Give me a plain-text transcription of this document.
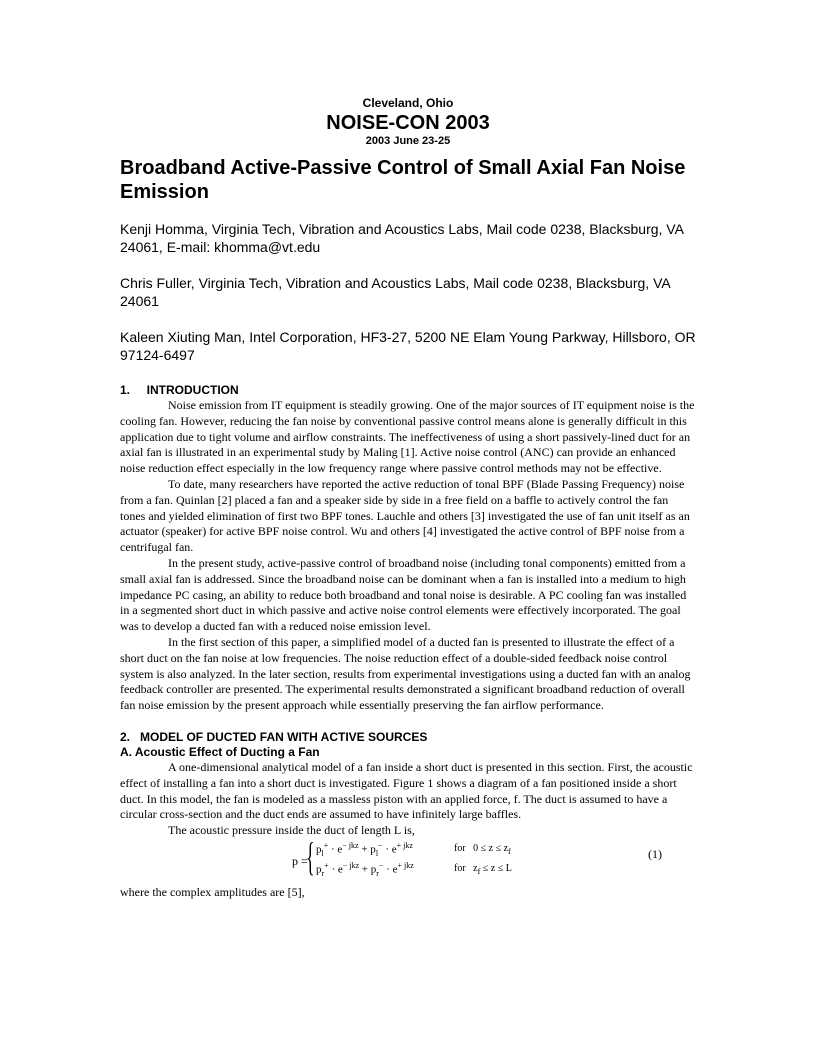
Cleveland, Ohio
NOISE-CON 2003
2003 June 23-25
Broadband Active-Passive Control of Small Axial Fan Noise Emission
Kenji Homma, Virginia Tech, Vibration and Acoustics Labs, Mail code 0238, Blacksburg, VA 24061, E-mail: khomma@vt.edu
Chris Fuller, Virginia Tech, Vibration and Acoustics Labs, Mail code 0238, Blacksburg, VA 24061
Kaleen Xiuting Man, Intel Corporation, HF3-27, 5200 NE Elam Young Parkway, Hillsboro, OR 97124-6497
1.     INTRODUCTION

Noise emission from IT equipment is steadily growing. One of the major sources of IT equipment noise is the cooling fan. However, reducing the fan noise by conventional passive control means alone is generally difficult in this application due to tight volume and airflow constraints. The ineffectiveness of using a short passively-lined duct for an axial fan is illustrated in an experimental study by Maling [1]. Active noise control (ANC) can provide an enhanced noise reduction effect especially in the low frequency range where passive control methods may not be effective.

To date, many researchers have reported the active reduction of tonal BPF (Blade Passing Frequency) noise from a fan. Quinlan [2] placed a fan and a speaker side by side in a free field on a baffle to actively control the fan tones and yielded elimination of first two BPF tones. Lauchle and others [3] investigated the use of fan unit itself as an actuator (speaker) for active BPF noise control. Wu and others [4] investigated the active control of BPF noise from a centrifugal fan.

In the present study, active-passive control of broadband noise (including tonal components) emitted from a small axial fan is addressed. Since the broadband noise can be dominant when a fan is installed into a medium to high impedance PC casing, an ability to reduce both broadband and tonal noise is desirable. A PC cooling fan was installed in a segmented short duct in which passive and active noise control elements were effectively incorporated. The goal was to develop a ducted fan with a reduced noise emission level.

In the first section of this paper, a simplified model of a ducted fan is presented to illustrate the effect of a short duct on the fan noise at low frequencies. The noise reduction effect of a double-sided feedback noise control system is also analyzed. In the later section, results from experimental investigations using a ducted fan with an analog feedback controller are presented. The experimental results demonstrated a significant broadband reduction of overall fan noise emission by the present approach while essentially preserving the fan airflow performance.

2.   MODEL OF DUCTED FAN WITH ACTIVE SOURCES
A. Acoustic Effect of Ducting a Fan

A one-dimensional analytical model of a fan inside a short duct is presented in this section. First, the acoustic effect of installing a fan into a short duct is investigated. Figure 1 shows a diagram of a fan positioned inside a short duct. In this model, the fan is modeled as a massless piston with an applied force, f. The duct is assumed to have a circular cross-section and the duct ends are assumed to have infinitely large baffles.

The acoustic pressure inside the duct of length L is,

p =
{ $p_l^+ \cdot e^{- jkz} + p_l^- \cdot e^{+ jkz}$
$p_r^+ \cdot e^{- jkz} + p_r^- \cdot e^{+ jkz}$
for   $0 \le z \le z_f$
for   $z_f \le z \le L$
(1)

where the complex amplitudes are [5],
